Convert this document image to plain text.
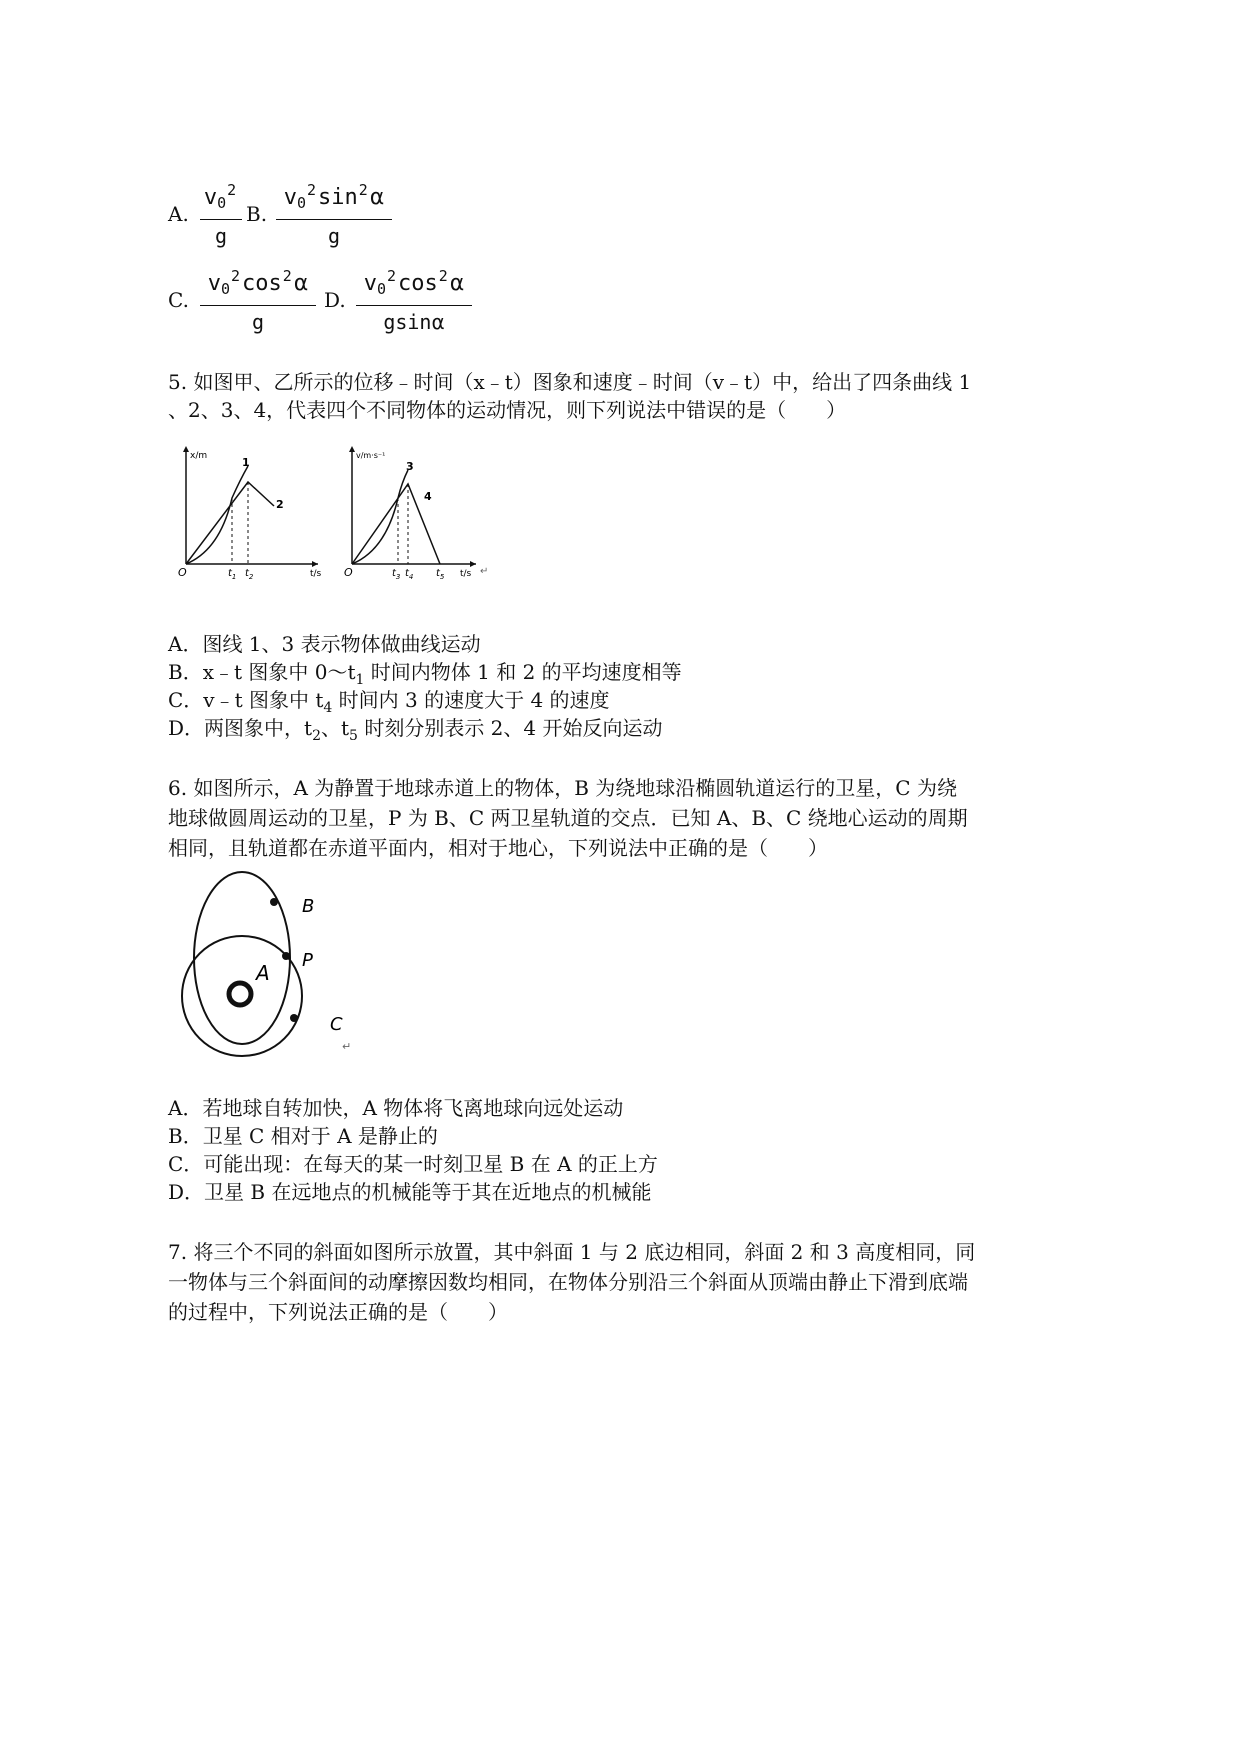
A.
$v_0^2$
g
B.
$v_0^2\sin^2\alpha$
g
C.
$v_0^2\cos^2\alpha$
g
D.
$v_0^2\cos^2\alpha$
gsinα
5. 如图甲、乙所示的位移﹣时间（x﹣t）图象和速度﹣时间（v﹣t）中，给出了四条曲线 1
、2、3、4，代表四个不同物体的运动情况，则下列说法中错误的是（　　）
x/m
t/s
O	$t_1$ $t_2$
1
2
v/m·s⁻¹
t/s ↵
O	$t_3$ $t_4$ $t_5$
3
4
A．图线 1、3 表示物体做曲线运动
B．x﹣t 图象中 $0\sim t_1$ 时间内物体 1 和 2 的平均速度相等
C．v﹣t 图象中 $t_4$ 时间内 3 的速度大于 4 的速度
D．两图象中，$t_2$、$t_5$ 时刻分别表示 2、4 开始反向运动
6. 如图所示，A 为静置于地球赤道上的物体，B 为绕地球沿椭圆轨道运行的卫星，C 为绕
地球做圆周运动的卫星，P 为 B、C 两卫星轨道的交点．已知 A、B、C 绕地心运动的周期
相同，且轨道都在赤道平面内，相对于地心，下列说法中正确的是（　　）
A
B
P
C
↵
A．若地球自转加快，A 物体将飞离地球向远处运动
B．卫星 C 相对于 A 是静止的
C．可能出现：在每天的某一时刻卫星 B 在 A 的正上方
D．卫星 B 在远地点的机械能等于其在近地点的机械能
7. 将三个不同的斜面如图所示放置，其中斜面 1 与 2 底边相同，斜面 2 和 3 高度相同，同
一物体与三个斜面间的动摩擦因数均相同，在物体分别沿三个斜面从顶端由静止下滑到底端
的过程中，下列说法正确的是（　　）
